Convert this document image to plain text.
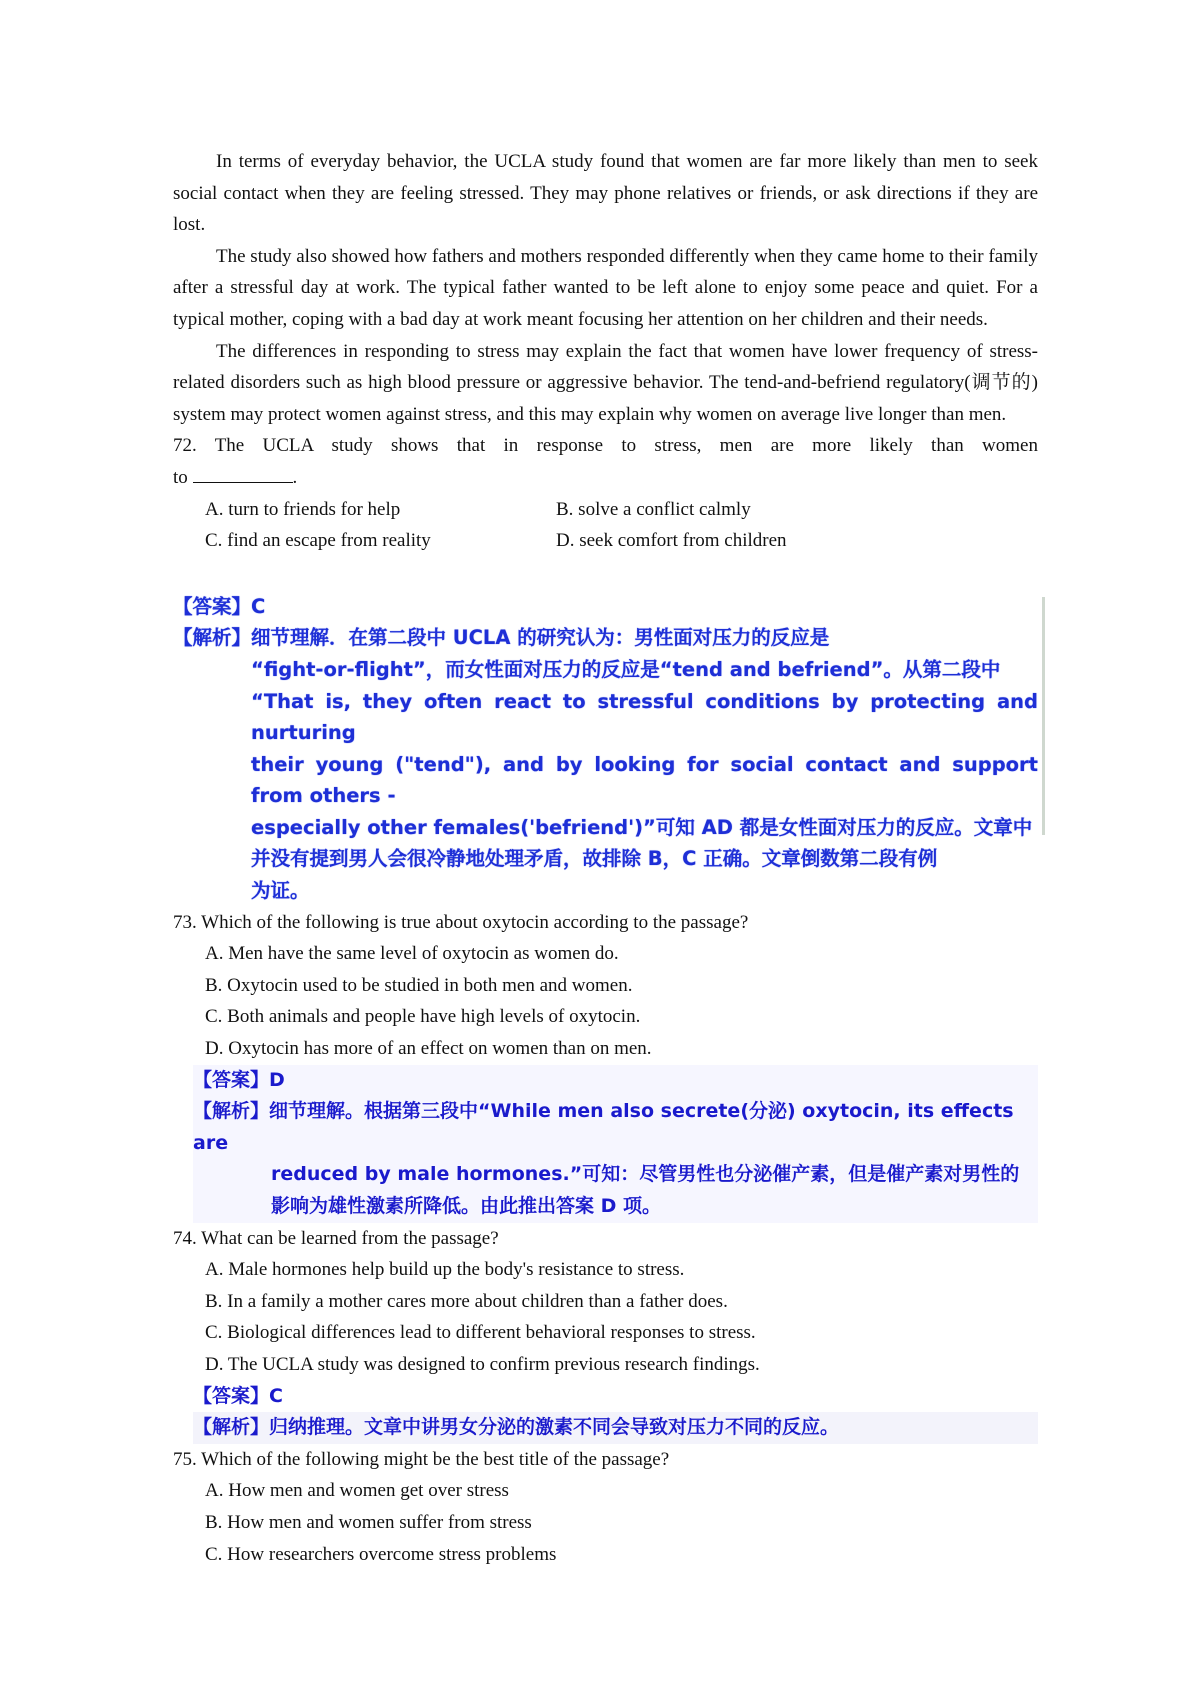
In terms of everyday behavior, the UCLA study found that women are far more likely than men to seek social contact when they are feeling stressed. They may phone relatives or friends, or ask directions if they are lost.

The study also showed how fathers and mothers responded differently when they came home to their family after a stressful day at work. The typical father wanted to be left alone to enjoy some peace and quiet. For a typical mother, coping with a bad day at work meant focusing her attention on her children and their needs.

The differences in responding to stress may explain the fact that women have lower frequency of stress-related disorders such as high blood pressure or aggressive behavior. The tend-and-befriend regulatory(调节的) system may protect women against stress, and this may explain why women on average live longer than men.

72. The UCLA study shows that in response to stress, men are more likely than women

to	.

A. turn to friends for help	B. solve a conflict calmly
C. find an escape from reality	D. seek comfort from children
【答案】C
【解析】细节理解．在第二段中 UCLA 的研究认为：男性面对压力的反应是
“fight-or-flight”，而女性面对压力的反应是“tend and befriend”。从第二段中
“That is, they often react to stressful conditions by protecting and nurturing
their young ("tend"), and by looking for social contact and support from others -
especially other females('befriend')”可知 AD 都是女性面对压力的反应。文章中
并没有提到男人会很冷静地处理矛盾，故排除 B，C 正确。文章倒数第二段有例
为证。

73. Which of the following is true about oxytocin according to the passage?

A. Men have the same level of oxytocin as women do.
B. Oxytocin used to be studied in both men and women.
C. Both animals and people have high levels of oxytocin.
D. Oxytocin has more of an effect on women than on men.
【答案】D
【解析】细节理解。根据第三段中“While men also secrete(分泌) oxytocin, its effects are
reduced by male hormones.”可知：尽管男性也分泌催产素，但是催产素对男性的
影响为雄性激素所降低。由此推出答案 D 项。

74. What can be learned from the passage?

A. Male hormones help build up the body's resistance to stress.
B. In a family a mother cares more about children than a father does.
C. Biological differences lead to different behavioral responses to stress.
D. The UCLA study was designed to confirm previous research findings.
【答案】C
【解析】归纳推理。文章中讲男女分泌的激素不同会导致对压力不同的反应。

75. Which of the following might be the best title of the passage?

A. How men and women get over stress
B. How men and women suffer from stress
C. How researchers overcome stress problems
